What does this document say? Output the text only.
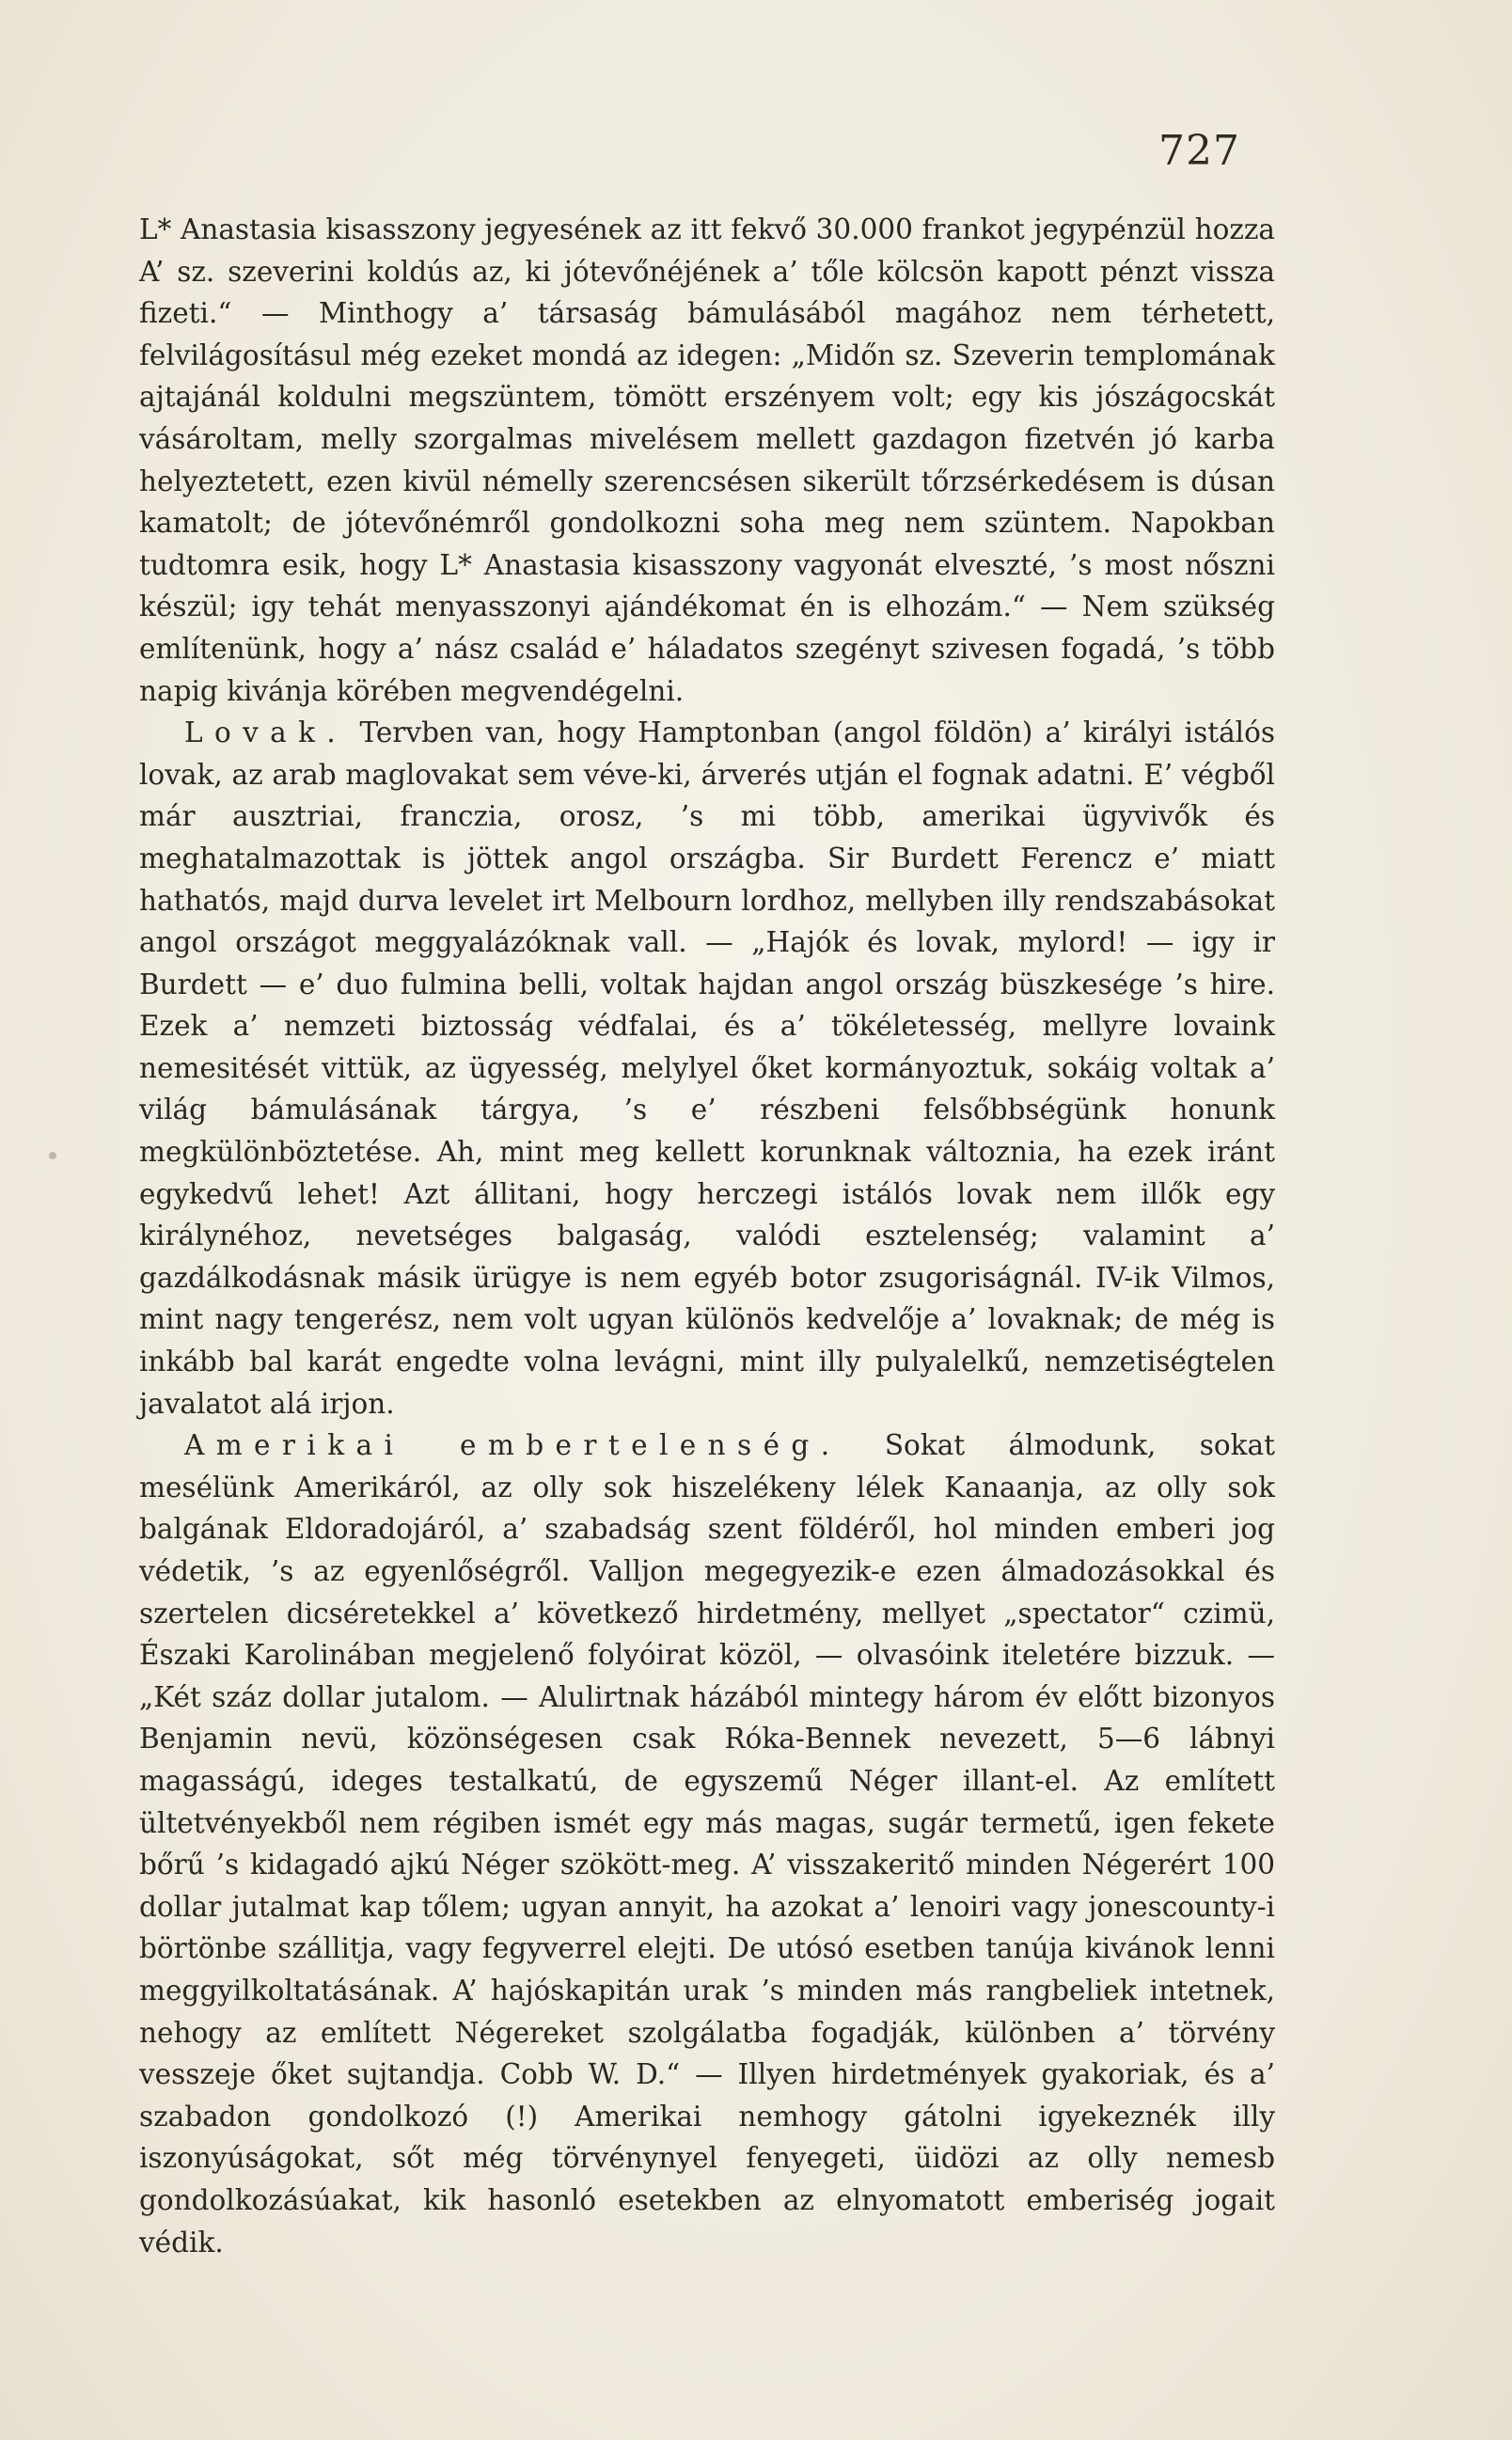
727

L* Anastasia kisasszony jegyesének az itt fekvő 30.000 frankot jegypénzül hozza A’ sz. szeverini koldús az, ki jótevőnéjének a’ tőle kölcsön kapott pénzt vissza fizeti.“ — Minthogy a’ társaság bámulásából magához nem térhetett, felvilágosításul még ezeket mondá az idegen: „Midőn sz. Szeverin templomának ajtajánál koldulni megszüntem, tömött erszényem volt; egy kis jószágocskát vásároltam, melly szorgalmas mivelésem mellett gazdagon fizetvén jó karba helyeztetett, ezen kivül némelly szerencsésen sikerült tőrzsérkedésem is dúsan kamatolt; de jótevőnémről gondolkozni soha meg nem szüntem. Napokban tudtomra esik, hogy L* Anastasia kisasszony vagyonát elveszté, ’s most nőszni készül; igy tehát menyasszonyi ajándékomat én is elhozám.“ — Nem szükség említenünk, hogy a’ nász család e’ háladatos szegényt szivesen fogadá, ’s több napig kivánja körében megvendégelni.

Lovak. Tervben van, hogy Hamptonban (angol földön) a’ királyi istálós lovak, az arab maglovakat sem véve-ki, árverés utján el fognak adatni. E’ végből már ausztriai, franczia, orosz, ’s mi több, amerikai ügyvivők és meghatalmazottak is jöttek angol országba. Sir Burdett Ferencz e’ miatt hathatós, majd durva levelet irt Melbourn lordhoz, mellyben illy rendszabásokat angol országot meggyalázóknak vall. — „Hajók és lovak, mylord! — igy ir Burdett — e’ duo fulmina belli, voltak hajdan angol ország büszkesége ’s hire. Ezek a’ nemzeti biztosság védfalai, és a’ tökéletesség, mellyre lovaink nemesitését vittük, az ügyesség, melylyel őket kormányoztuk, sokáig voltak a’ világ bámulásának tárgya, ’s e’ részbeni felsőbbségünk honunk megkülönböztetése. Ah, mint meg kellett korunknak változnia, ha ezek iránt egykedvű lehet! Azt állitani, hogy herczegi istálós lovak nem illők egy királynéhoz, nevetséges balgaság, valódi esztelenség; valamint a’ gazdálkodásnak másik ürügye is nem egyéb botor zsugoriságnál. IV-ik Vilmos, mint nagy tengerész, nem volt ugyan különös kedvelője a’ lovaknak; de még is inkább bal karát engedte volna levágni, mint illy pulyalelkű, nemzetiségtelen javalatot alá irjon.

Amerikai embertelenség. Sokat álmodunk, sokat mesélünk Amerikáról, az olly sok hiszelékeny lélek Kanaanja, az olly sok balgának Eldoradojáról, a’ szabadság szent földéről, hol minden emberi jog védetik, ’s az egyenlőségről. Valljon megegyezik-e ezen álmadozásokkal és szertelen dicséretekkel a’ következő hirdetmény, mellyet „spectator“ czimü, Északi Karolinában megjelenő folyóirat közöl, — olvasóink iteletére bizzuk. — „Két száz dollar jutalom. — Alulirtnak házából mintegy három év előtt bizonyos Benjamin nevü, közönségesen csak Róka-Bennek nevezett, 5—6 lábnyi magasságú, ideges testalkatú, de egyszemű Néger illant-el. Az említett ültetvényekből nem régiben ismét egy más magas, sugár termetű, igen fekete bőrű ’s kidagadó ajkú Néger szökött-meg. A’ visszakeritő minden Négerért 100 dollar jutalmat kap tőlem; ugyan annyit, ha azokat a’ lenoiri vagy jonescounty-i börtönbe szállitja, vagy fegyverrel elejti. De utósó esetben tanúja kivánok lenni meggyilkoltatásának. A’ hajóskapitán urak ’s minden más rangbeliek intetnek, nehogy az említett Négereket szolgálatba fogadják, különben a’ törvény vesszeje őket sujtandja. Cobb W. D.“ — Illyen hirdetmények gyakoriak, és a’ szabadon gondolkozó (!) Amerikai nemhogy gátolni igyekeznék illy iszonyúságokat, sőt még törvénynyel fenyegeti, üidözi az olly nemesb gondolkozásúakat, kik hasonló esetekben az elnyomatott emberiség jogait védik.
